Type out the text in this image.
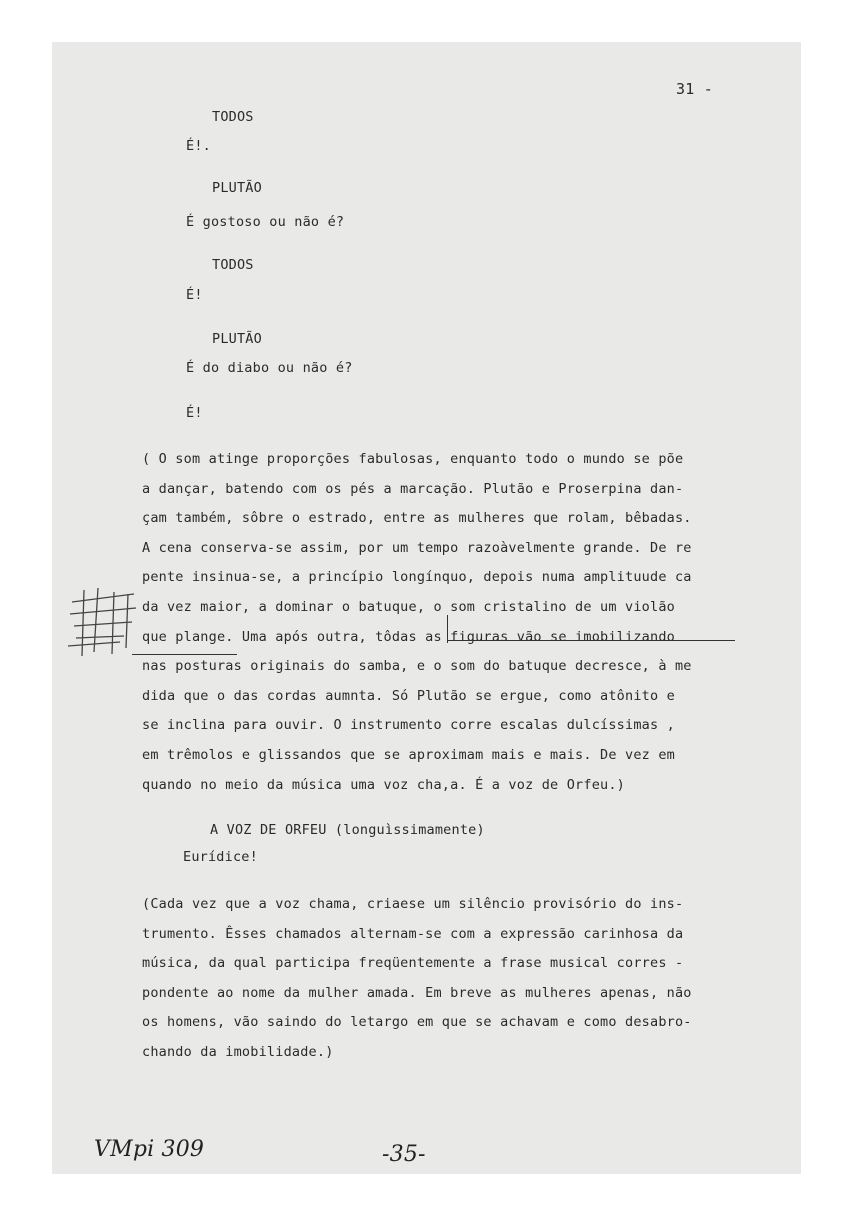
31 -
TODOS
É!.
PLUTÃO
É gostoso ou não é?
TODOS
É!
PLUTÃO
É do diabo ou não é?
É!
( O som atinge proporções fabulosas, enquanto todo o mundo se põe
a dançar, batendo com os pés a marcação. Plutão e Proserpina dan-
çam também, sôbre o estrado, entre as mulheres que rolam, bêbadas.
A cena conserva-se assim, por um tempo razoàvelmente grande. De re
pente insinua-se, a princípio longínquo, depois numa amplituude ca
da vez maior, a dominar o batuque, o som cristalino de um violão
que plange. Uma após outra, tôdas as figuras vão se imobilizando
nas posturas originais do samba, e o som do batuque decresce, à me
dida que o das cordas aumnta. Só Plutão se ergue, como atônito e
se inclina para ouvir. O instrumento corre escalas dulcíssimas ,
em trêmolos e glissandos que se aproximam mais e mais. De vez em
quando no meio da música uma voz cha,a. É a voz de Orfeu.)
A VOZ DE ORFEU (longuìssimamente)
Eurídice!
(Cada vez que a voz chama, criaese um silêncio provisório do ins-
trumento. Êsses chamados alternam-se com a expressão carinhosa da
música, da qual participa freqüentemente a frase musical corres -
pondente ao nome da mulher amada. Em breve as mulheres apenas, não
os homens, vão saindo do letargo em que se achavam e como desabro-
chando da imobilidade.)
VMpi 309	-35-
